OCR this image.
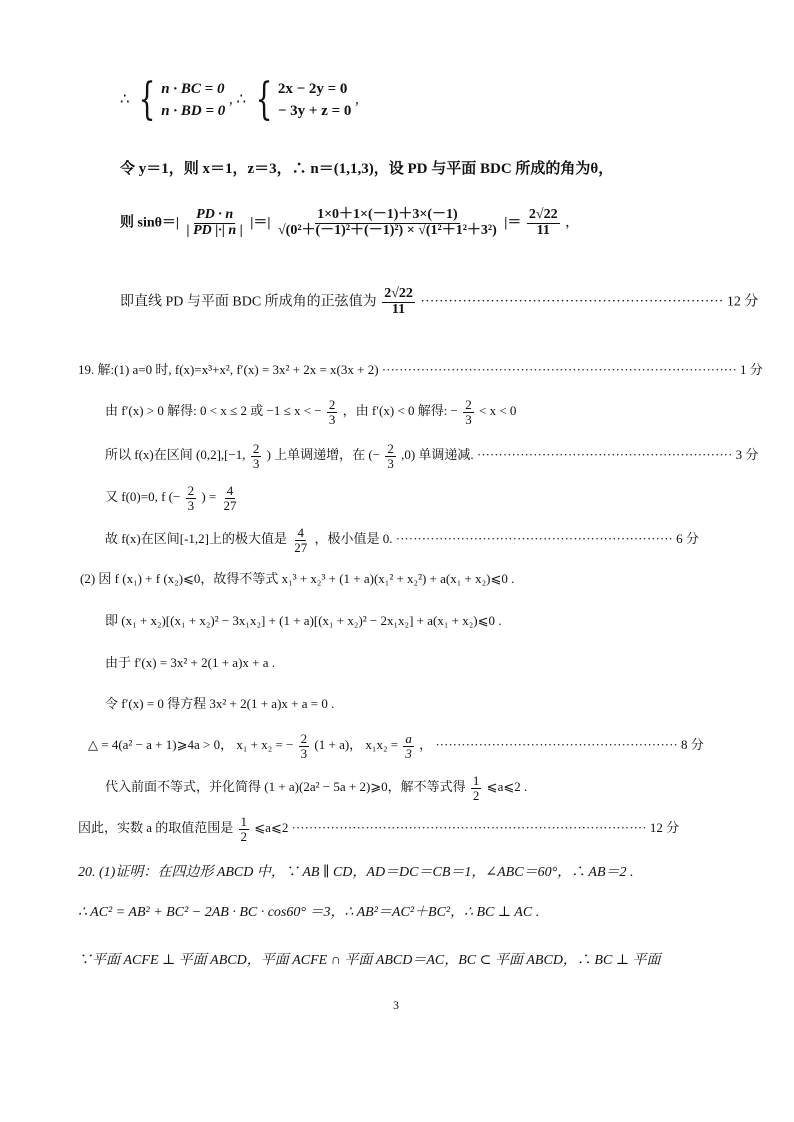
∴ { n · BC = 0
n · BD = 0
, ∴ { 2x − 2y = 0
− 3y + z = 0
,
令 y＝1，则 x＝1，z＝3，∴ n＝(1,1,3)，设 PD 与平面 BDC 所成的角为θ，
则 $\sin\theta=| \frac{PD \cdot n}{| PD |\cdot| n |}$ |＝| $\frac{1\times 0+1\times(-1)+3\times(-1)}{\text{√(0²＋(－1)²＋(－1)²) × √(1²＋1²＋3²)}}$ |＝ $\frac{2√22}{11}$ ，
即直线 PD 与平面 BDC 所成角的正弦值为 $\frac{2√22}{11}$ ································································· 12 分
19. 解:(1) a=0 时, f(x)=x³+x², f′(x) = 3x² + 2x = x(3x + 2) ·················································································· 1 分
由 f′(x) > 0 解得: 0 < x ≤ 2 或 −1 ≤ x < − $\frac{2}{3}$ ，由 f′(x) < 0 解得: − $\frac{2}{3} < x < 0$
所以 f(x)在区间 (0,2],[−1, $\frac{2}{3}$ ) 上单调递增，在 (− $\frac{2}{3} ,0$) 单调递减. ··························································· 3 分
又 f(0)=0, f (− $\frac{2}{3}$ ) = $\frac{4}{27}$
故 f(x)在区间[-1,2]上的极大值是 $\frac{4}{27}$ ，极小值是 0. ································································ 6 分
(2) 因 f (x₁) + f (x₂)⩽0，故得不等式 x₁³ + x₂³ + (1 + a)(x₁² + x₂²) + a(x₁ + x₂)⩽0 .
即 (x₁ + x₂)[(x₁ + x₂)² − 3x₁x₂] + (1 + a)[(x₁ + x₂)² − 2x₁x₂] + a(x₁ + x₂)⩽0 .
由于 f′(x) = 3x² + 2(1 + a)x + a .
令 f′(x) = 0 得方程 3x² + 2(1 + a)x + a = 0 .
△ = 4(a² − a + 1)⩾4a > 0， x₁ + x₂ = − $\frac{2}{3} (1 + a)$， $x_1x_2 = \frac{a}{3}$ ， ························································ 8 分
代入前面不等式，并化简得 (1 + a)(2a² − 5a + 2)⩾0，解不等式得 $\frac{1}{2}$ ⩽a⩽2 .
因此，实数 a 的取值范围是 $\frac{1}{2}$ ⩽a⩽2 ·················································································· 12 分
20. (1)证明：在四边形 ABCD 中，∵ AB ∥ CD，AD＝DC＝CB＝1，∠ABC＝60°，∴ AB＝2 .
∴ AC² = AB² + BC² − 2AB · BC · cos60° ＝3，∴ AB²＝AC²＋BC²，∴ BC ⊥ AC .
∵平面 ACFE ⊥ 平面 ABCD，平面 ACFE ∩ 平面 ABCD＝AC，BC ⊂ 平面 ABCD，∴ BC ⊥ 平面
3
